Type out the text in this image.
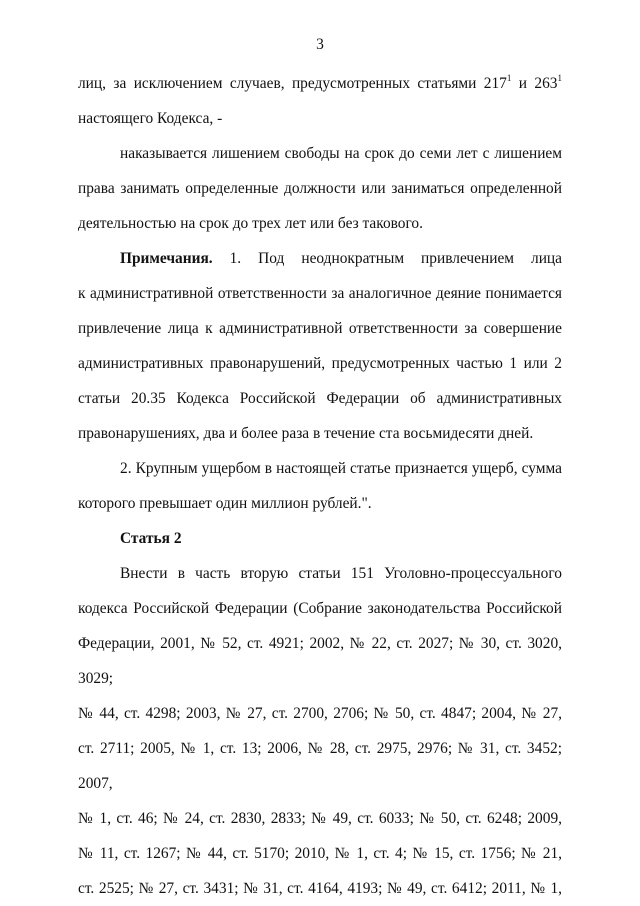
3
лиц, за исключением случаев, предусмотренных статьями $217^1$ и $263^1$
настоящего Кодекса, -
наказывается лишением свободы на срок до семи лет с лишением
права занимать определенные должности или заниматься определенной
деятельностью на срок до трех лет или без такового.
Примечания. 1. Под неоднократным привлечением лица
к административной ответственности за аналогичное деяние понимается
привлечение лица к административной ответственности за совершение
административных правонарушений, предусмотренных частью 1 или 2
статьи 20.35 Кодекса Российской Федерации об административных
правонарушениях, два и более раза в течение ста восьмидесяти дней.
2. Крупным ущербом в настоящей статье признается ущерб, сумма
которого превышает один миллион рублей.".
Статья 2
Внести в часть вторую статьи 151 Уголовно-процессуального
кодекса Российской Федерации (Собрание законодательства Российской
Федерации, 2001, № 52, ст. 4921; 2002, № 22, ст. 2027; № 30, ст. 3020, 3029;
№ 44, ст. 4298; 2003, № 27, ст. 2700, 2706; № 50, ст. 4847; 2004, № 27,
ст. 2711; 2005, № 1, ст. 13; 2006, № 28, ст. 2975, 2976; № 31, ст. 3452; 2007,
№ 1, ст. 46; № 24, ст. 2830, 2833; № 49, ст. 6033; № 50, ст. 6248; 2009,
№ 11, ст. 1267; № 44, ст. 5170; 2010, № 1, ст. 4; № 15, ст. 1756; № 21,
ст. 2525; № 27, ст. 3431; № 31, ст. 4164, 4193; № 49, ст. 6412; 2011, № 1,
